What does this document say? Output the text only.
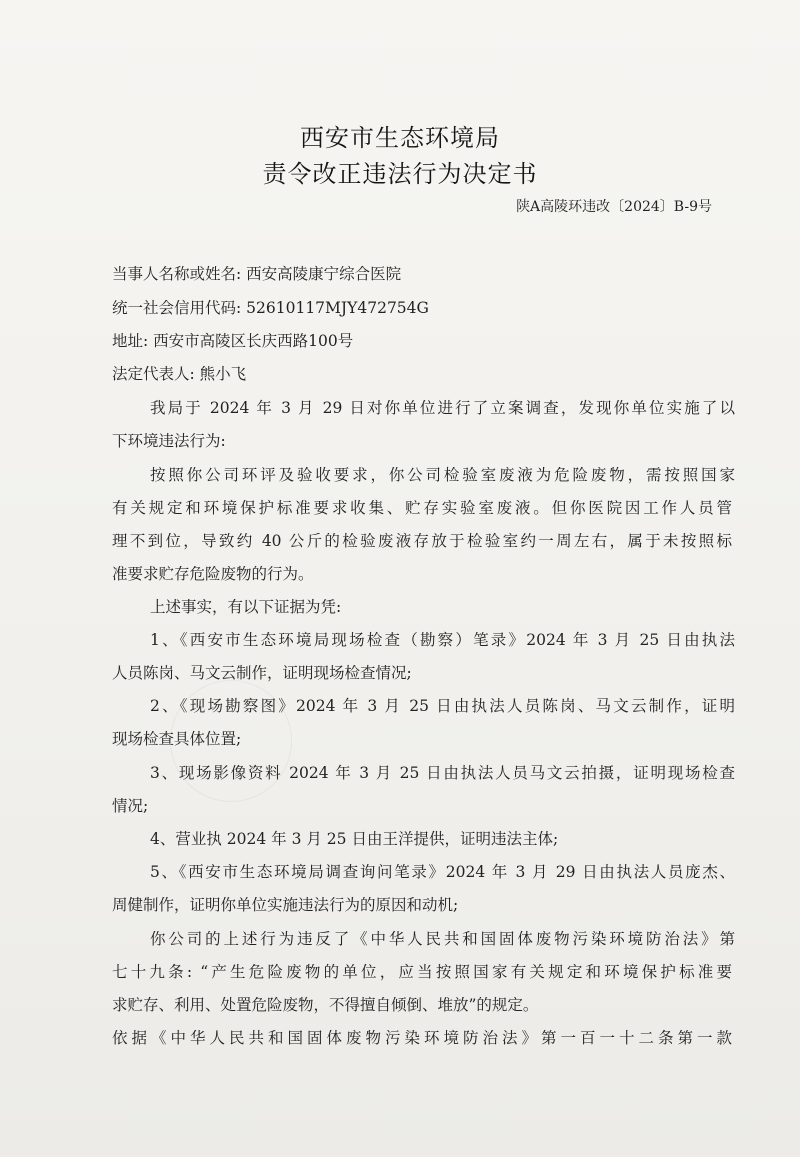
西安市生态环境局
责令改正违法行为决定书
陕A高陵环违改〔2024〕B-9号
当事人名称或姓名: 西安高陵康宁综合医院
统一社会信用代码: 52610117MJY472754G
地址: 西安市高陵区长庆西路100号
法定代表人: 熊小飞
我局于 2024 年 3 月 29 日对你单位进行了立案调查，发现你单位实施了以
下环境违法行为:
按照你公司环评及验收要求，你公司检验室废液为危险废物，需按照国家
有关规定和环境保护标准要求收集、贮存实验室废液。但你医院因工作人员管
理不到位，导致约 40 公斤的检验废液存放于检验室约一周左右，属于未按照标
准要求贮存危险废物的行为。
上述事实，有以下证据为凭:
1、《西安市生态环境局现场检查（勘察）笔录》2024 年 3 月 25 日由执法
人员陈岗、马文云制作，证明现场检查情况;
2、《现场勘察图》2024 年 3 月 25 日由执法人员陈岗、马文云制作，证明
现场检查具体位置;
3、现场影像资料 2024 年 3 月 25 日由执法人员马文云拍摄，证明现场检查
情况;
4、营业执 2024 年 3 月 25 日由王洋提供，证明违法主体;
5、《西安市生态环境局调查询问笔录》2024 年 3 月 29 日由执法人员庞杰、
周健制作，证明你单位实施违法行为的原因和动机;
你公司的上述行为违反了《中华人民共和国固体废物污染环境防治法》第
七十九条: “产生危险废物的单位，应当按照国家有关规定和环境保护标准要
求贮存、利用、处置危险废物，不得擅自倾倒、堆放”的规定。
依据《中华人民共和国固体废物污染环境防治法》第一百一十二条第一款
